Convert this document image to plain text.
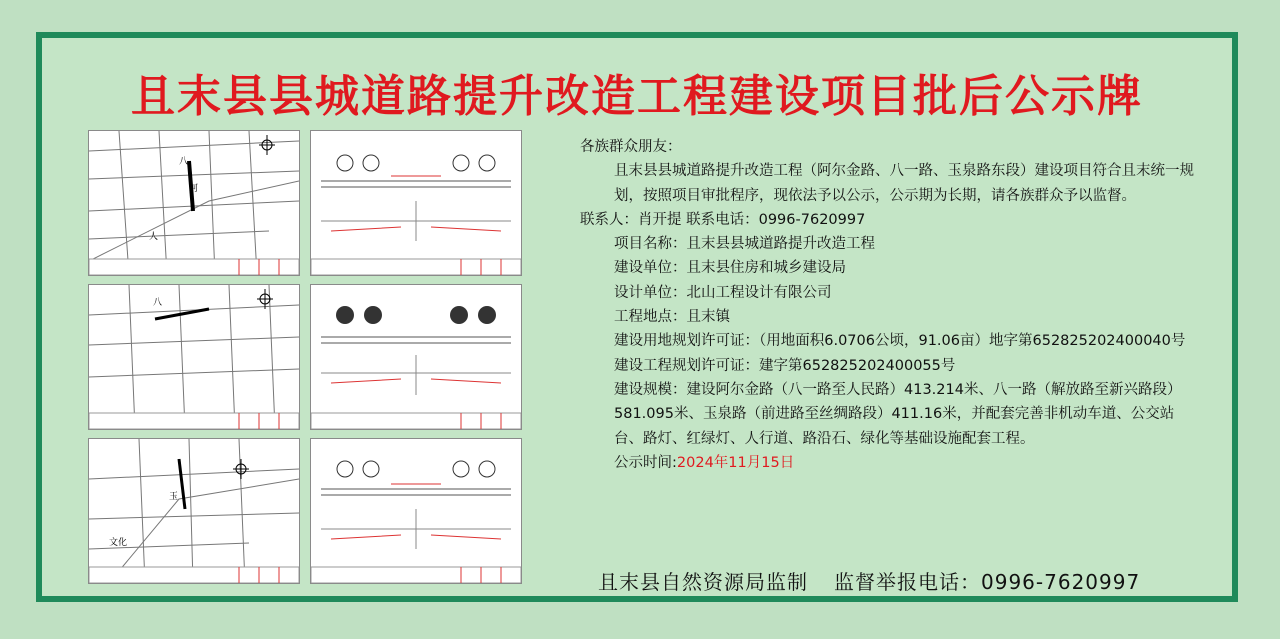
且末县县城道路提升改造工程建设项目批后公示牌
八
阿
人
八
玉
文化

各族群众朋友：

且末县县城道路提升改造工程（阿尔金路、八一路、玉泉路东段）建设项目符合且末统一规划，按照项目审批程序，现依法予以公示，公示期为长期，请各族群众予以监督。

联系人：肖开提 联系电话：0996-7620997

项目名称：且末县县城道路提升改造工程

建设单位：且末县住房和城乡建设局

设计单位：北山工程设计有限公司

工程地点：且末镇

建设用地规划许可证：（用地面积6.0706公顷，91.06亩）地字第652825202400040号

建设工程规划许可证：建字第652825202400055号

建设规模：建设阿尔金路（八一路至人民路）413.214米、八一路（解放路至新兴路段）581.095米、玉泉路（前进路至丝绸路段）411.16米，并配套完善非机动车道、公交站台、路灯、红绿灯、人行道、路沿石、绿化等基础设施配套工程。

公示时间:2024年11月15日

且末县自然资源局监制 监督举报电话：0996-7620997
